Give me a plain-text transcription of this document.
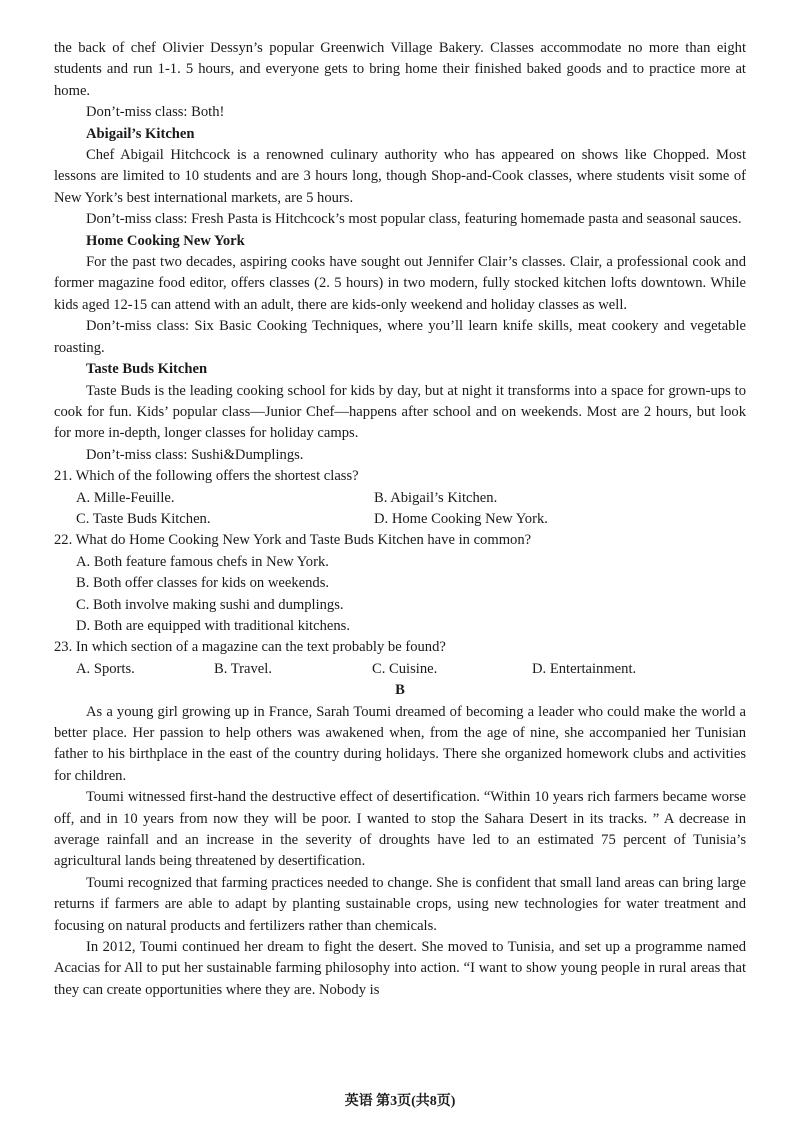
the back of chef Olivier Dessyn’s popular Greenwich Village Bakery. Classes accommodate no more than eight students and run 1-1. 5 hours, and everyone gets to bring home their finished baked goods and to practice more at home.

Don’t-miss class: Both!

Abigail’s Kitchen

Chef Abigail Hitchcock is a renowned culinary authority who has appeared on shows like Chopped. Most lessons are limited to 10 students and are 3 hours long, though Shop-and-Cook classes, where students visit some of New York’s best international markets, are 5 hours.

Don’t-miss class: Fresh Pasta is Hitchcock’s most popular class, featuring homemade pasta and seasonal sauces.

Home Cooking New York

For the past two decades, aspiring cooks have sought out Jennifer Clair’s classes. Clair, a professional cook and former magazine food editor, offers classes (2. 5 hours) in two modern, fully stocked kitchen lofts downtown. While kids aged 12-15 can attend with an adult, there are kids-only weekend and holiday classes as well.

Don’t-miss class: Six Basic Cooking Techniques, where you’ll learn knife skills, meat cookery and vegetable roasting.

Taste Buds Kitchen

Taste Buds is the leading cooking school for kids by day, but at night it transforms into a space for grown-ups to cook for fun. Kids’ popular class—Junior Chef—happens after school and on weekends. Most are 2 hours, but look for more in-depth, longer classes for holiday camps.

Don’t-miss class: Sushi&Dumplings.

21. Which of the following offers the shortest class?

A. Mille-Feuille.	B. Abigail’s Kitchen.
C. Taste Buds Kitchen.	D. Home Cooking New York.

22. What do Home Cooking New York and Taste Buds Kitchen have in common?

A. Both feature famous chefs in New York.

B. Both offer classes for kids on weekends.

C. Both involve making sushi and dumplings.

D. Both are equipped with traditional kitchens.

23. In which section of a magazine can the text probably be found?

A. Sports.	B. Travel.	C. Cuisine.	D. Entertainment.

B

As a young girl growing up in France, Sarah Toumi dreamed of becoming a leader who could make the world a better place. Her passion to help others was awakened when, from the age of nine, she accompanied her Tunisian father to his birthplace in the east of the country during holidays. There she organized homework clubs and activities for children.

Toumi witnessed first-hand the destructive effect of desertification. “Within 10 years rich farmers became worse off, and in 10 years from now they will be poor. I wanted to stop the Sahara Desert in its tracks. ” A decrease in average rainfall and an increase in the severity of droughts have led to an estimated 75 percent of Tunisia’s agricultural lands being threatened by desertification.

Toumi recognized that farming practices needed to change. She is confident that small land areas can bring large returns if farmers are able to adapt by planting sustainable crops, using new technologies for water treatment and focusing on natural products and fertilizers rather than chemicals.

In 2012, Toumi continued her dream to fight the desert. She moved to Tunisia, and set up a programme named Acacias for All to put her sustainable farming philosophy into action. “I want to show young people in rural areas that they can create opportunities where they are. Nobody is

英语 第3页(共8页)
